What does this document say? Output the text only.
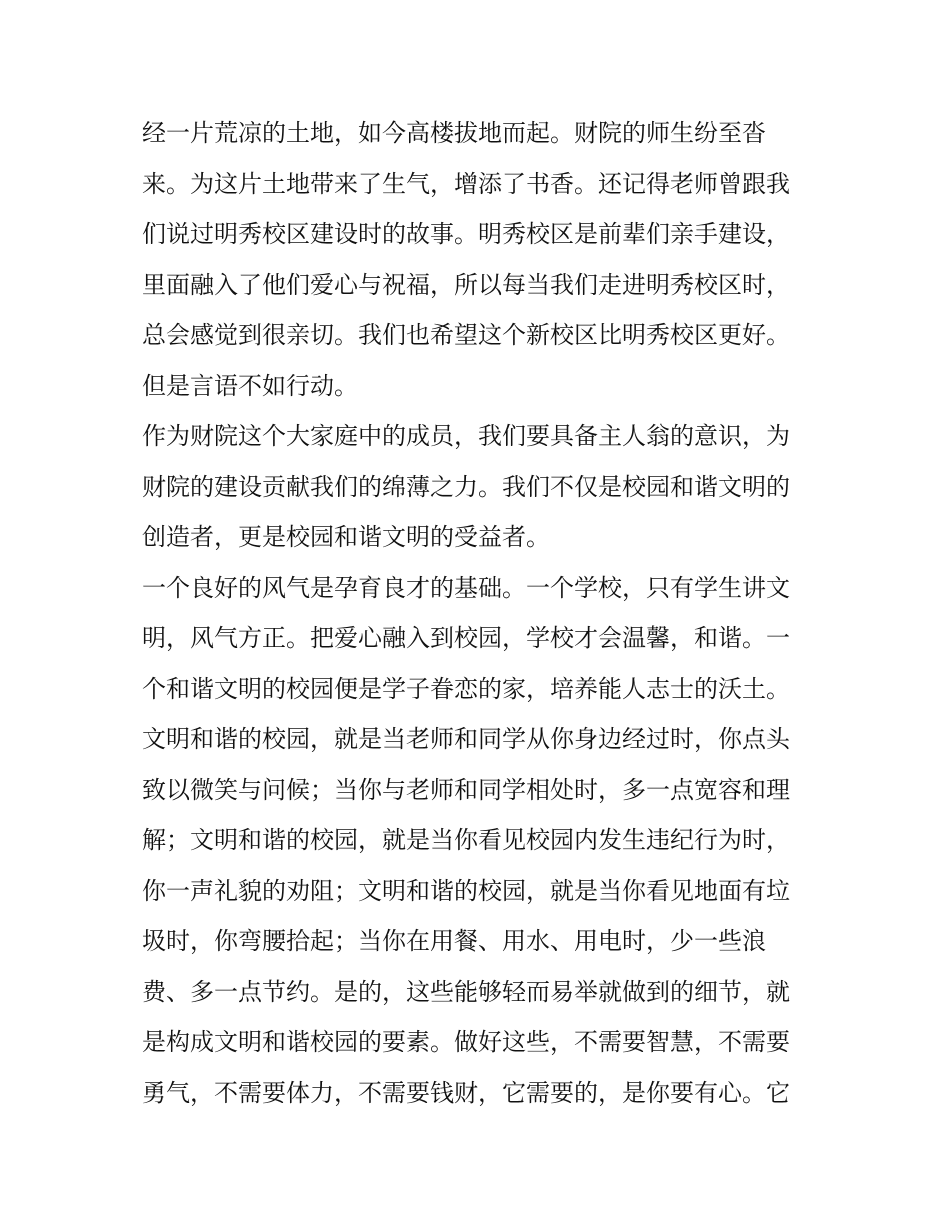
经一片荒凉的土地，如今高楼拔地而起。财院的师生纷至沓
来。为这片土地带来了生气，增添了书香。还记得老师曾跟我
们说过明秀校区建设时的故事。明秀校区是前辈们亲手建设，
里面融入了他们爱心与祝福，所以每当我们走进明秀校区时，
总会感觉到很亲切。我们也希望这个新校区比明秀校区更好。
但是言语不如行动。
作为财院这个大家庭中的成员，我们要具备主人翁的意识，为
财院的建设贡献我们的绵薄之力。我们不仅是校园和谐文明的
创造者，更是校园和谐文明的受益者。
一个良好的风气是孕育良才的基础。一个学校，只有学生讲文
明，风气方正。把爱心融入到校园，学校才会温馨，和谐。一
个和谐文明的校园便是学子眷恋的家，培养能人志士的沃土。
文明和谐的校园，就是当老师和同学从你身边经过时，你点头
致以微笑与问候；当你与老师和同学相处时，多一点宽容和理
解；文明和谐的校园，就是当你看见校园内发生违纪行为时，
你一声礼貌的劝阻；文明和谐的校园，就是当你看见地面有垃
圾时，你弯腰拾起；当你在用餐、用水、用电时，少一些浪
费、多一点节约。是的，这些能够轻而易举就做到的细节，就
是构成文明和谐校园的要素。做好这些，不需要智慧，不需要
勇气，不需要体力，不需要钱财，它需要的，是你要有心。它
